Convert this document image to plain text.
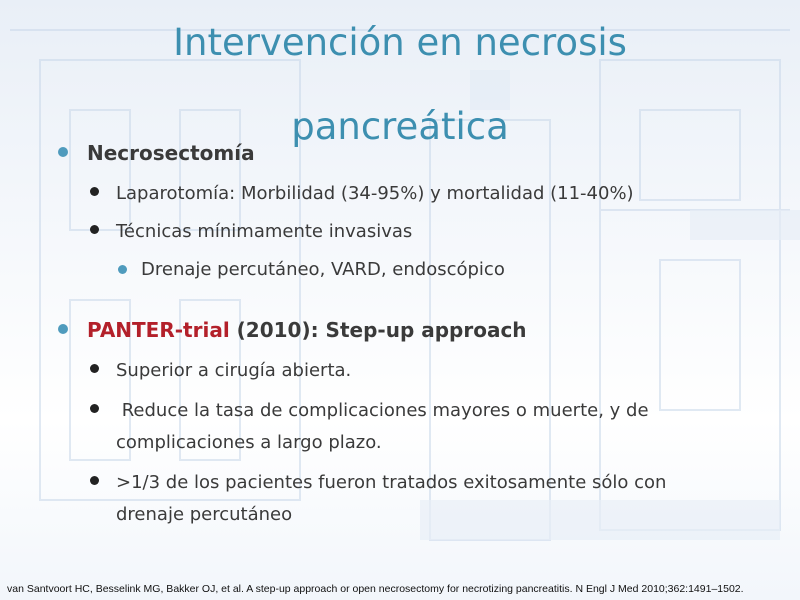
Intervención en necrosis
pancreática
Necrosectomía
Laparotomía: Morbilidad (34-95%) y mortalidad (11-40%)
Técnicas mínimamente invasivas
Drenaje percutáneo, VARD, endoscópico
PANTER-trial (2010): Step-up approach
Superior a cirugía abierta.
Reduce la tasa de complicaciones mayores o muerte, y de
complicaciones a largo plazo.
>1/3 de los pacientes fueron tratados exitosamente sólo con
drenaje percutáneo
van Santvoort HC, Besselink MG, Bakker OJ, et al. A step-up approach or open necrosectomy for necrotizing pancreatitis. N Engl J Med 2010;362:1491–1502.
